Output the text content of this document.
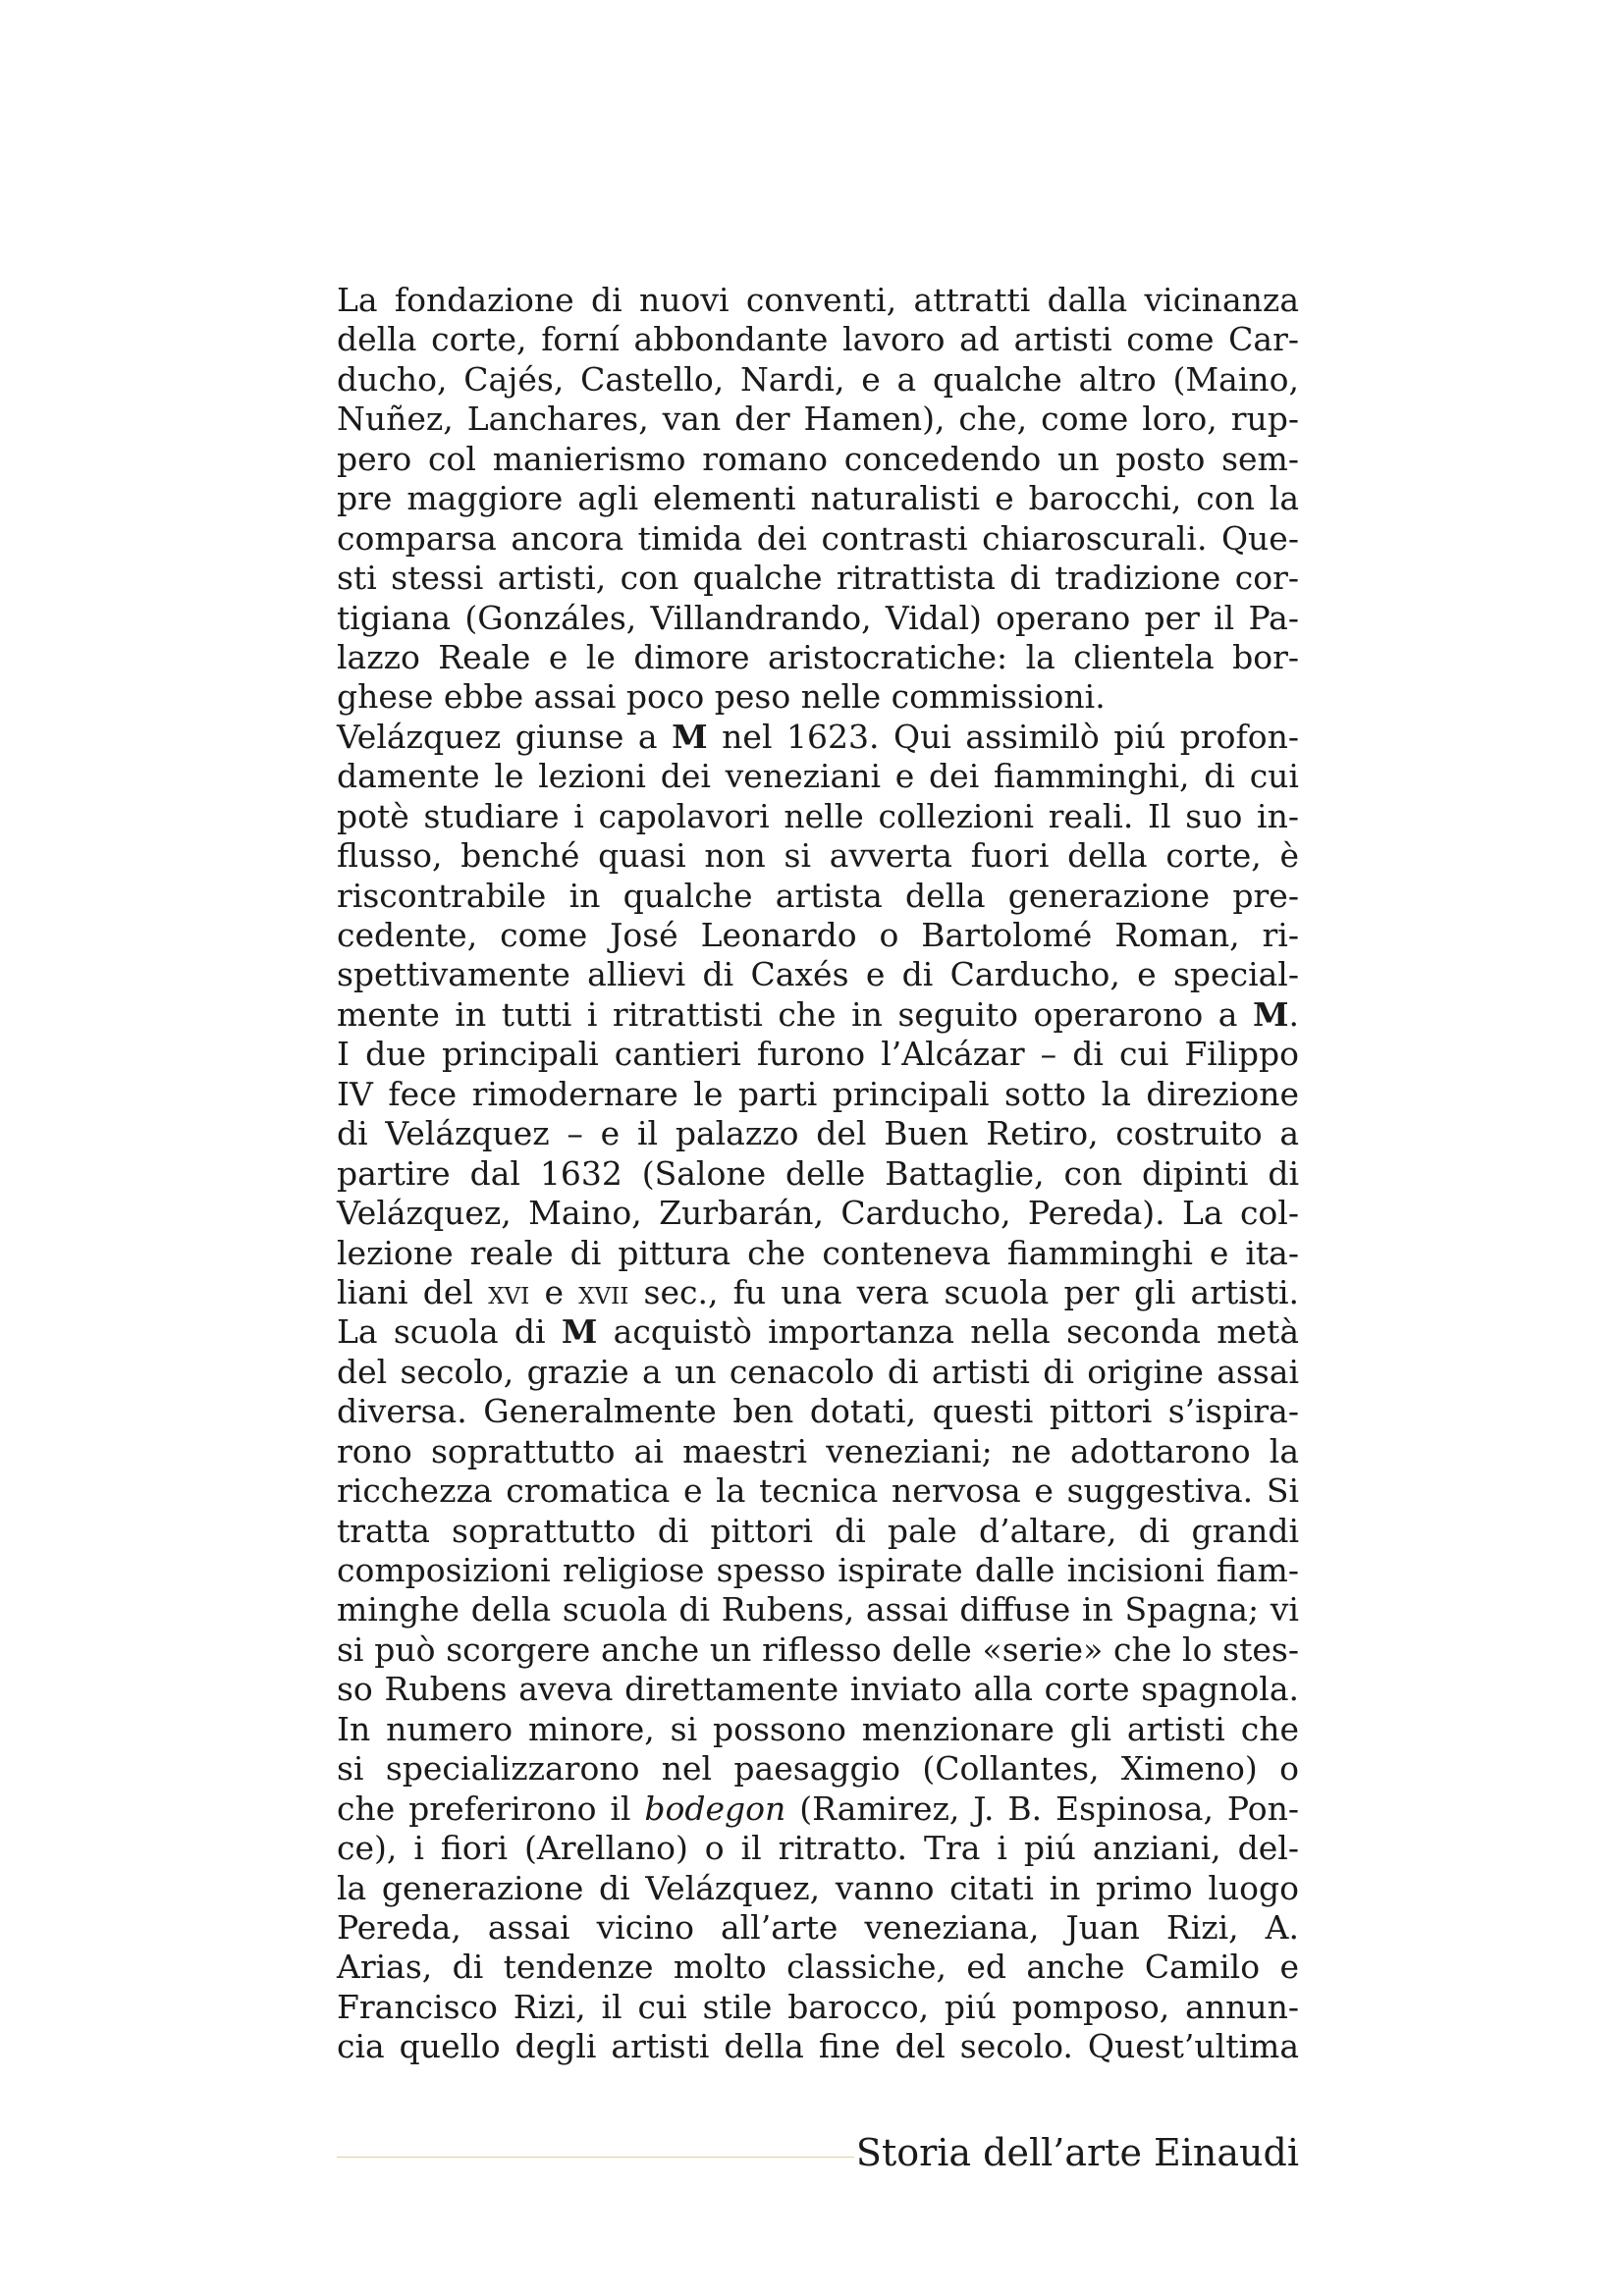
La fondazione di nuovi conventi, attratti dalla vicinanza
della corte, forní abbondante lavoro ad artisti come Car-
ducho, Cajés, Castello, Nardi, e a qualche altro (Maino,
Nuñez, Lanchares, van der Hamen), che, come loro, rup-
pero col manierismo romano concedendo un posto sem-
pre maggiore agli elementi naturalisti e barocchi, con la
comparsa ancora timida dei contrasti chiaroscurali. Que-
sti stessi artisti, con qualche ritrattista di tradizione cor-
tigiana (Gonzáles, Villandrando, Vidal) operano per il Pa-
lazzo Reale e le dimore aristocratiche: la clientela bor-
ghese ebbe assai poco peso nelle commissioni.
Velázquez giunse a M nel 1623. Qui assimilò piú profon-
damente le lezioni dei veneziani e dei fiamminghi, di cui
potè studiare i capolavori nelle collezioni reali. Il suo in-
flusso, benché quasi non si avverta fuori della corte, è
riscontrabile in qualche artista della generazione pre-
cedente, come José Leonardo o Bartolomé Roman, ri-
spettivamente allievi di Caxés e di Carducho, e special-
mente in tutti i ritrattisti che in seguito operarono a M.
I due principali cantieri furono l’Alcázar – di cui Filippo
IV fece rimodernare le parti principali sotto la direzione
di Velázquez – e il palazzo del Buen Retiro, costruito a
partire dal 1632 (Salone delle Battaglie, con dipinti di
Velázquez, Maino, Zurbarán, Carducho, Pereda). La col-
lezione reale di pittura che conteneva fiamminghi e ita-
liani del xvi e xvii sec., fu una vera scuola per gli artisti.
La scuola di M acquistò importanza nella seconda metà
del secolo, grazie a un cenacolo di artisti di origine assai
diversa. Generalmente ben dotati, questi pittori s’ispira-
rono soprattutto ai maestri veneziani; ne adottarono la
ricchezza cromatica e la tecnica nervosa e suggestiva. Si
tratta soprattutto di pittori di pale d’altare, di grandi
composizioni religiose spesso ispirate dalle incisioni fiam-
minghe della scuola di Rubens, assai diffuse in Spagna; vi
si può scorgere anche un riflesso delle «serie» che lo stes-
so Rubens aveva direttamente inviato alla corte spagnola.
In numero minore, si possono menzionare gli artisti che
si specializzarono nel paesaggio (Collantes, Ximeno) o
che preferirono il bodegon (Ramirez, J. B. Espinosa, Pon-
ce), i fiori (Arellano) o il ritratto. Tra i piú anziani, del-
la generazione di Velázquez, vanno citati in primo luogo
Pereda, assai vicino all’arte veneziana, Juan Rizi, A.
Arias, di tendenze molto classiche, ed anche Camilo e
Francisco Rizi, il cui stile barocco, piú pomposo, annun-
cia quello degli artisti della fine del secolo. Quest’ultima
Storia dell’arte Einaudi
